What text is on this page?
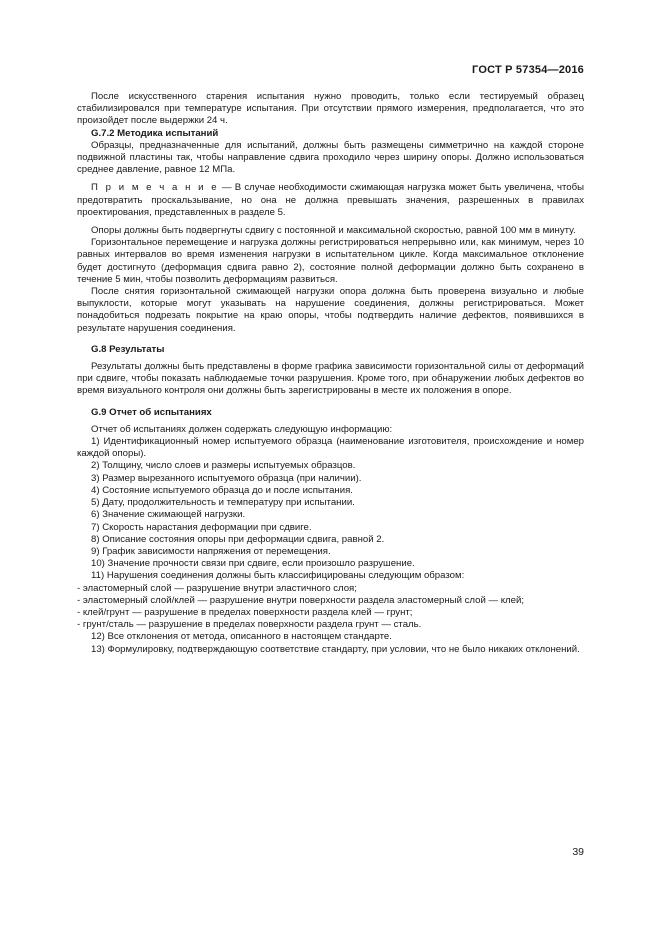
ГОСТ Р 57354—2016

После искусственного старения испытания нужно проводить, только если тестируемый образец стабилизировался при температуре испытания. При отсутствии прямого измерения, предполагается, что это произойдет после выдержки 24 ч.

G.7.2 Методика испытаний

Образцы, предназначенные для испытаний, должны быть размещены симметрично на каждой стороне подвижной пластины так, чтобы направление сдвига проходило через ширину опоры. Должно использоваться среднее давление, равное 12 МПа.

П р и м е ч а н и е — В случае необходимости сжимающая нагрузка может быть увеличена, чтобы предотвратить проскальзывание, но она не должна превышать значения, разрешенных в правилах проектирования, представленных в разделе 5.

Опоры должны быть подвергнуты сдвигу с постоянной и максимальной скоростью, равной 100 мм в минуту.

Горизонтальное перемещение и нагрузка должны регистрироваться непрерывно или, как минимум, через 10 равных интервалов во время изменения нагрузки в испытательном цикле. Когда максимальное отклонение будет достигнуто (деформация сдвига равно 2), состояние полной деформации должно быть сохранено в течение 5 мин, чтобы позволить деформациям развиться.

После снятия горизонтальной сжимающей нагрузки опора должна быть проверена визуально и любые выпуклости, которые могут указывать на нарушение соединения, должны регистрироваться. Может понадобиться подрезать покрытие на краю опоры, чтобы подтвердить наличие дефектов, появившихся в результате нарушения соединения.

G.8 Результаты

Результаты должны быть представлены в форме графика зависимости горизонтальной силы от деформаций при сдвиге, чтобы показать наблюдаемые точки разрушения. Кроме того, при обнаружении любых дефектов во время визуального контроля они должны быть зарегистрированы в месте их положения в опоре.

G.9 Отчет об испытаниях

Отчет об испытаниях должен содержать следующую информацию:

1) Идентификационный номер испытуемого образца (наименование изготовителя, происхождение и номер каждой опоры).

2) Толщину, число слоев и размеры испытуемых образцов.

3) Размер вырезанного испытуемого образца (при наличии).

4) Состояние испытуемого образца до и после испытания.

5) Дату, продолжительность и температуру при испытании.

6) Значение сжимающей нагрузки.

7) Скорость нарастания деформации при сдвиге.

8) Описание состояния опоры при деформации сдвига, равной 2.

9) График зависимости напряжения от перемещения.

10) Значение прочности связи при сдвиге, если произошло разрушение.

11) Нарушения соединения должны быть классифицированы следующим образом:

- эластомерный слой — разрушение внутри эластичного слоя;

- эластомерный слой/клей — разрушение внутри поверхности раздела эластомерный слой — клей;

- клей/грунт — разрушение в пределах поверхности раздела клей — грунт;

- грунт/сталь — разрушение в пределах поверхности раздела грунт — сталь.

12) Все отклонения от метода, описанного в настоящем стандарте.

13) Формулировку, подтверждающую соответствие стандарту, при условии, что не было никаких отклонений.

39
